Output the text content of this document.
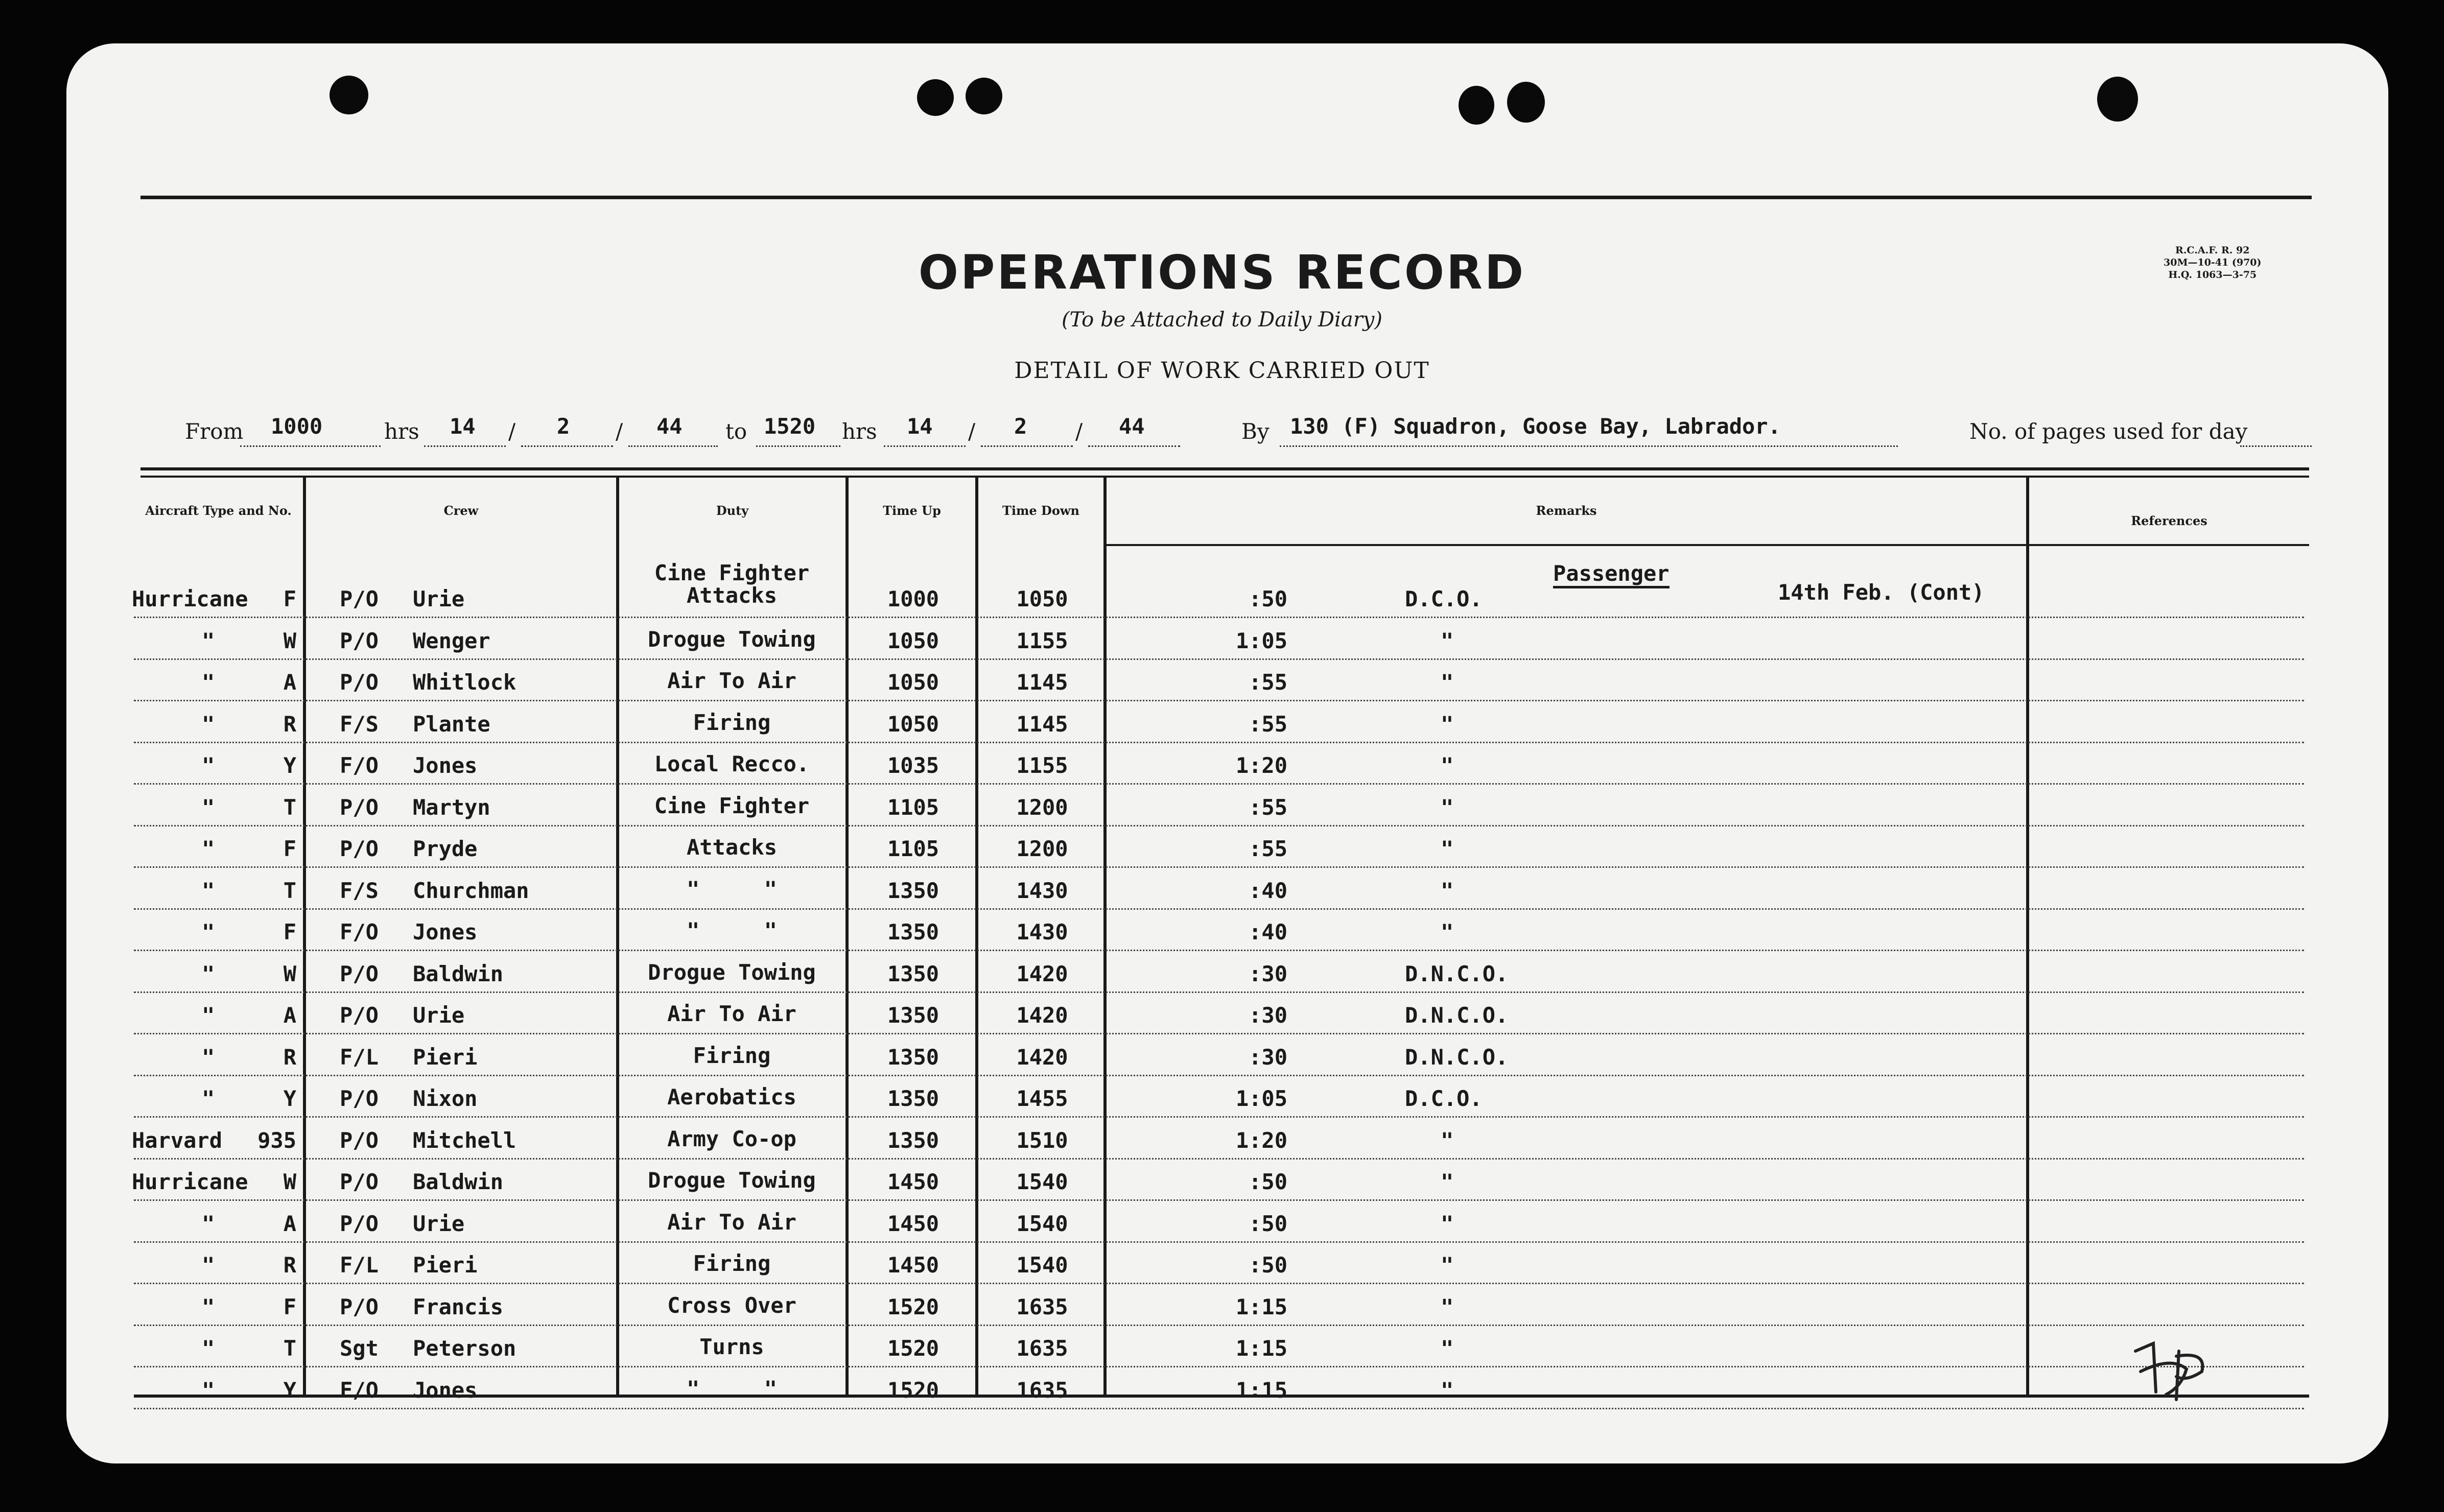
OPERATIONS RECORD
(To be Attached to Daily Diary)
DETAIL OF WORK CARRIED OUT
R.C.A.F. R. 92
30M—10-41 (970)
H.Q. 1063—3-75
From 1000	hrs 14 / 2 / 44 to 1520 hrs 14 / 2 / 44	By 130 (F) Squadron, Goose Bay, Labrador.	No. of pages used for day
Aircraft Type and No.	Crew	Duty	Time Up	Time Down	Remarks
References
Passenger
14th Feb. (Cont)
Hurricane	F P/O Urie
Cine Fighter
Attacks	1000	1050	:50	D.C.O.
"	W P/O Wenger	Drogue Towing	1050	1155	1:05	"
"	A P/O Whitlock	Air To Air	1050	1145	:55	"
"	R F/S Plante	Firing	1050	1145	:55	"
"	Y F/O Jones	Local Recco.	1035	1155	1:20	"
"	T P/O Martyn	Cine Fighter	1105	1200	:55	"
"	F P/O Pryde	Attacks	1105	1200	:55	"
"	T F/S Churchman	"     "	1350	1430	:40	"
"	F F/O Jones	"     "	1350	1430	:40	"
"	W P/O Baldwin	Drogue Towing	1350	1420	:30	D.N.C.O.
"	A P/O Urie	Air To Air	1350	1420	:30	D.N.C.O.
"	R F/L Pieri	Firing	1350	1420	:30	D.N.C.O.
"	Y P/O Nixon	Aerobatics	1350	1455	1:05	D.C.O.
Harvard	935 P/O Mitchell	Army Co-op	1350	1510	1:20	"
Hurricane	W P/O Baldwin	Drogue Towing	1450	1540	:50	"
"	A P/O Urie	Air To Air	1450	1540	:50	"
"	R F/L Pieri	Firing	1450	1540	:50	"
"	F P/O Francis	Cross Over	1520	1635	1:15	"
"	T Sgt Peterson	Turns	1520	1635	1:15	"
"	Y F/O Jones	"     "	1520	1635	1:15	"
